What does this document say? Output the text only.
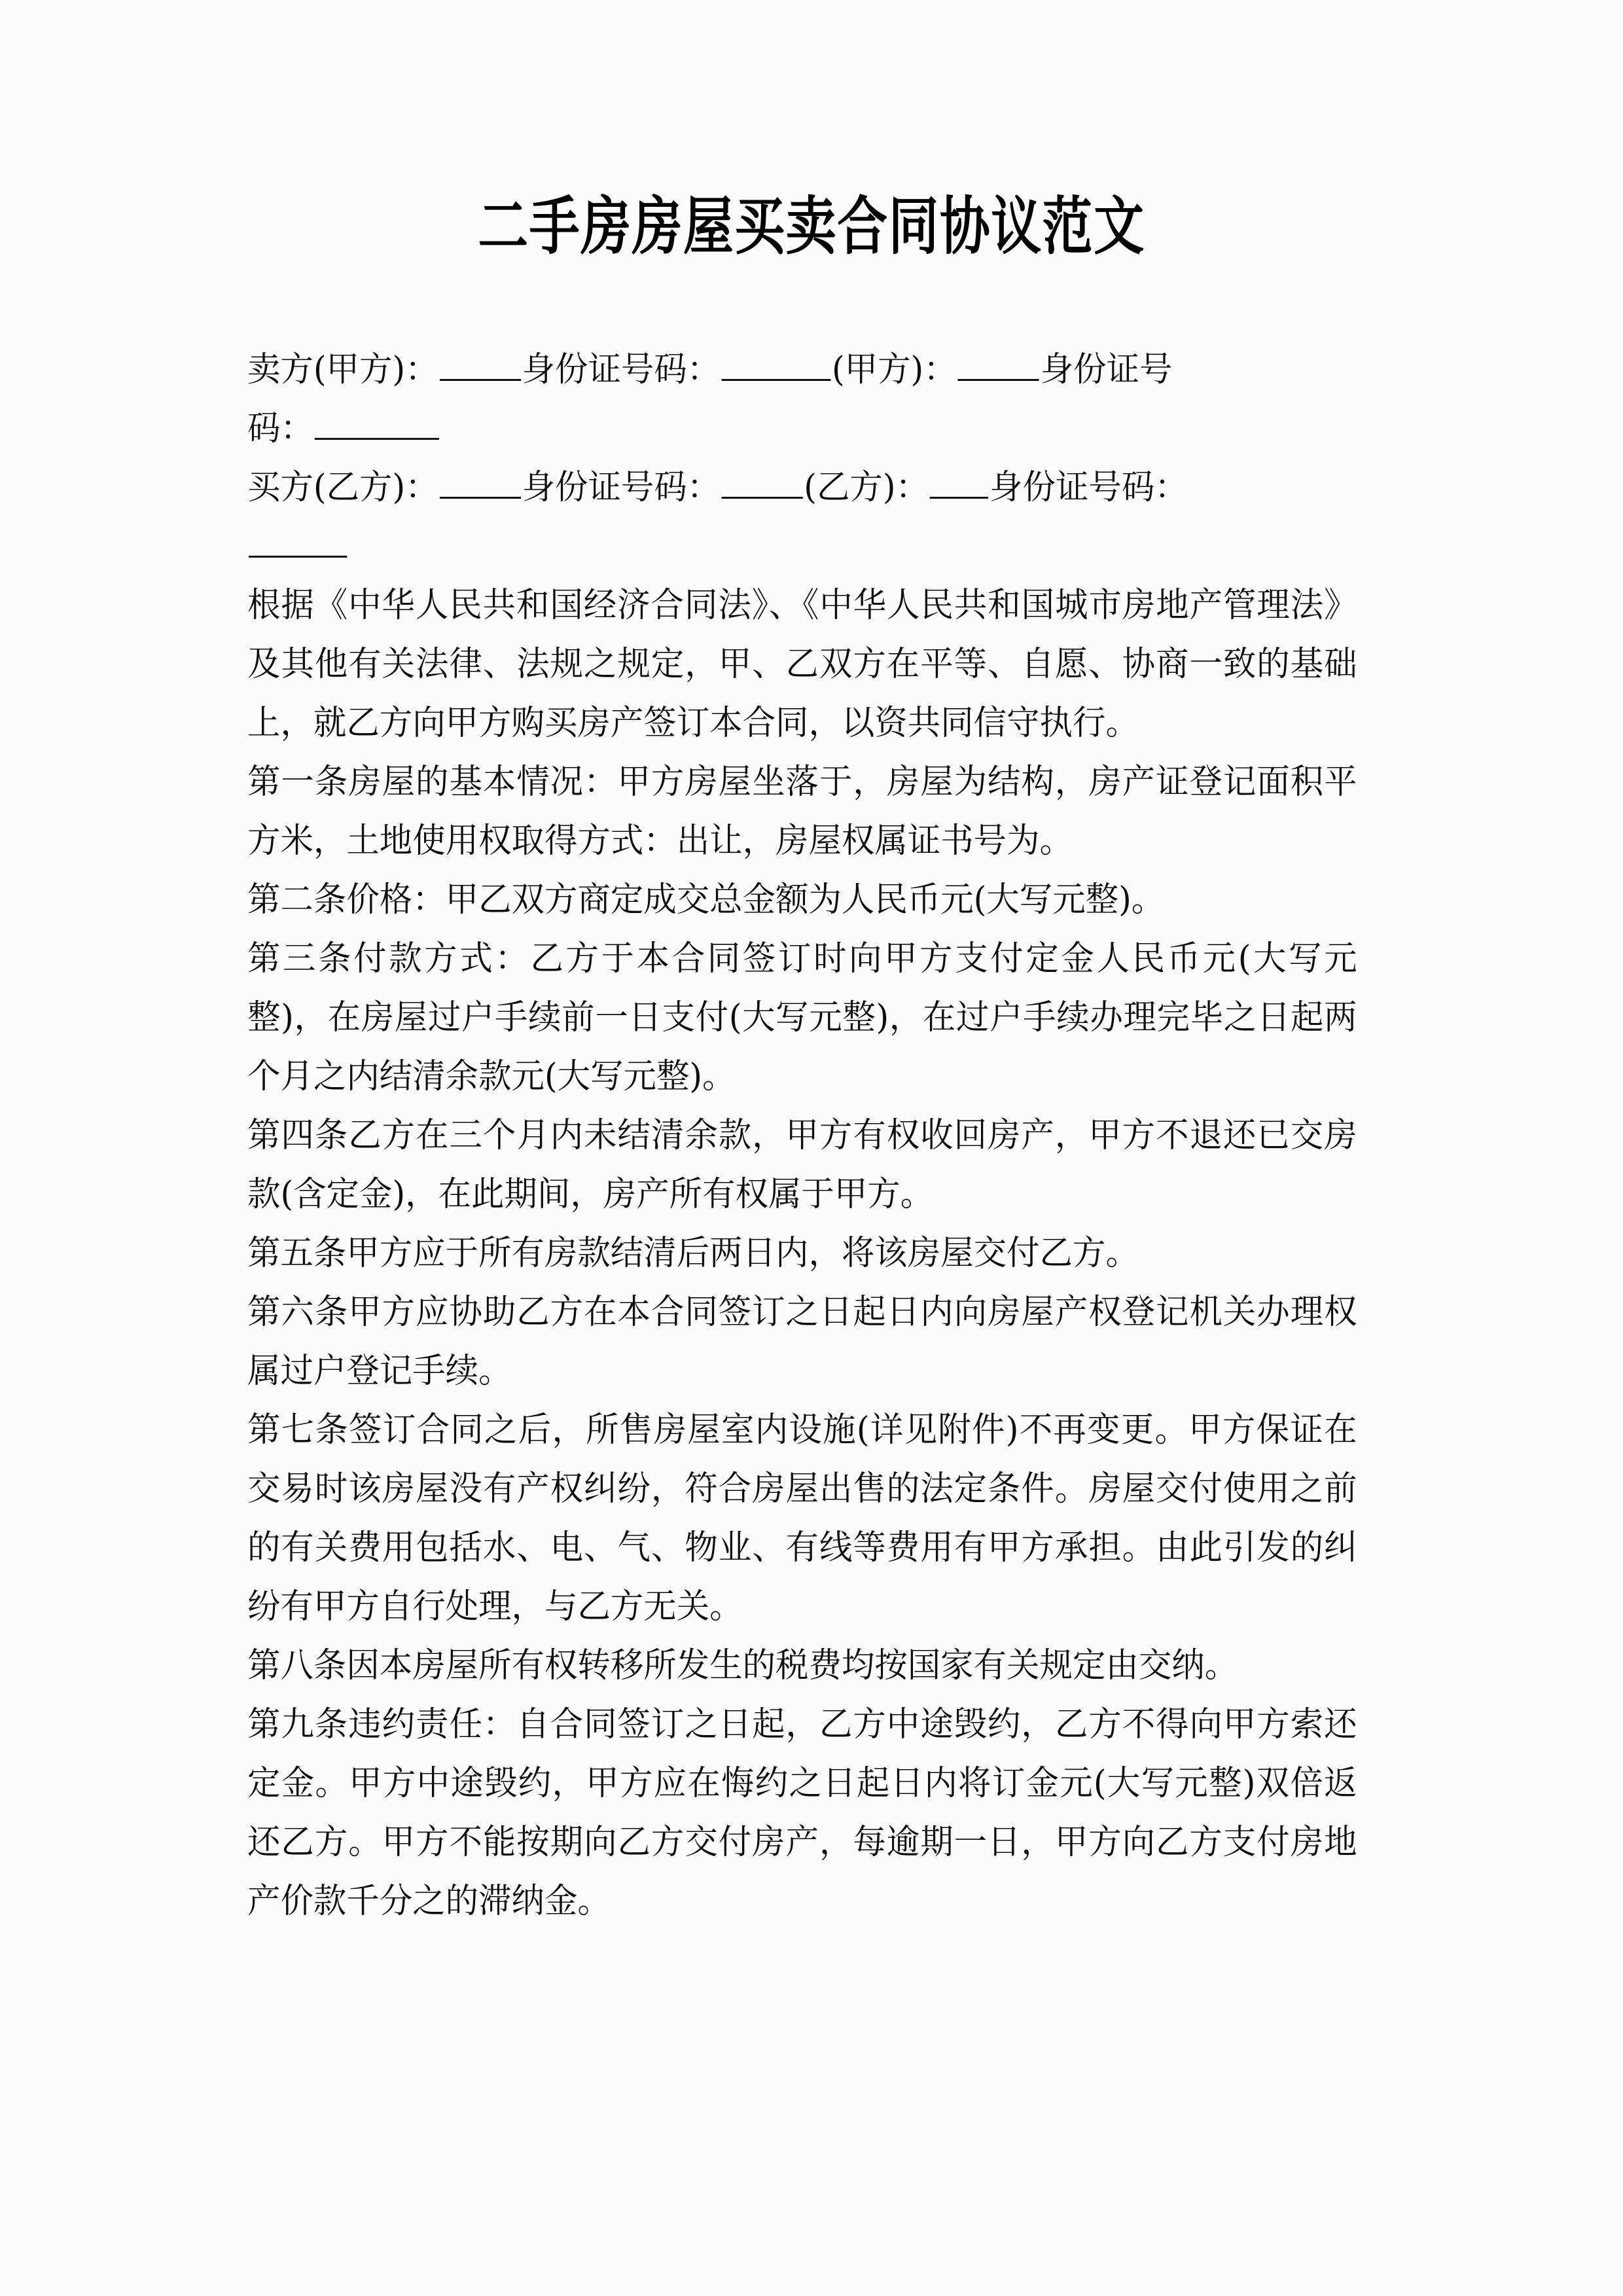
二手房房屋买卖合同协议范文

卖方(甲方)： 身份证号码：	(甲方)： 身份证号

码：

买方(乙方)： 身份证号码： (乙方)： 身份证号码：

根据《中华人民共和国经济合同法》、《中华人民共和国城市房地产管理法》及其他有关法律、法规之规定，甲、乙双方在平等、自愿、协商一致的基础上，就乙方向甲方购买房产签订本合同，以资共同信守执行。

第一条房屋的基本情况：甲方房屋坐落于，房屋为结构，房产证登记面积平方米，土地使用权取得方式：出让，房屋权属证书号为。

第二条价格：甲乙双方商定成交总金额为人民币元(大写元整)。

第三条付款方式：乙方于本合同签订时向甲方支付定金人民币元(大写元整)，在房屋过户手续前一日支付(大写元整)，在过户手续办理完毕之日起两个月之内结清余款元(大写元整)。

第四条乙方在三个月内未结清余款，甲方有权收回房产，甲方不退还已交房款(含定金)，在此期间，房产所有权属于甲方。

第五条甲方应于所有房款结清后两日内，将该房屋交付乙方。

第六条甲方应协助乙方在本合同签订之日起日内向房屋产权登记机关办理权属过户登记手续。

第七条签订合同之后，所售房屋室内设施(详见附件)不再变更。甲方保证在交易时该房屋没有产权纠纷，符合房屋出售的法定条件。房屋交付使用之前的有关费用包括水、电、气、物业、有线等费用有甲方承担。由此引发的纠纷有甲方自行处理，与乙方无关。

第八条因本房屋所有权转移所发生的税费均按国家有关规定由交纳。

第九条违约责任：自合同签订之日起，乙方中途毁约，乙方不得向甲方索还定金。甲方中途毁约，甲方应在悔约之日起日内将订金元(大写元整)双倍返还乙方。甲方不能按期向乙方交付房产，每逾期一日，甲方向乙方支付房地产价款千分之的滞纳金。
